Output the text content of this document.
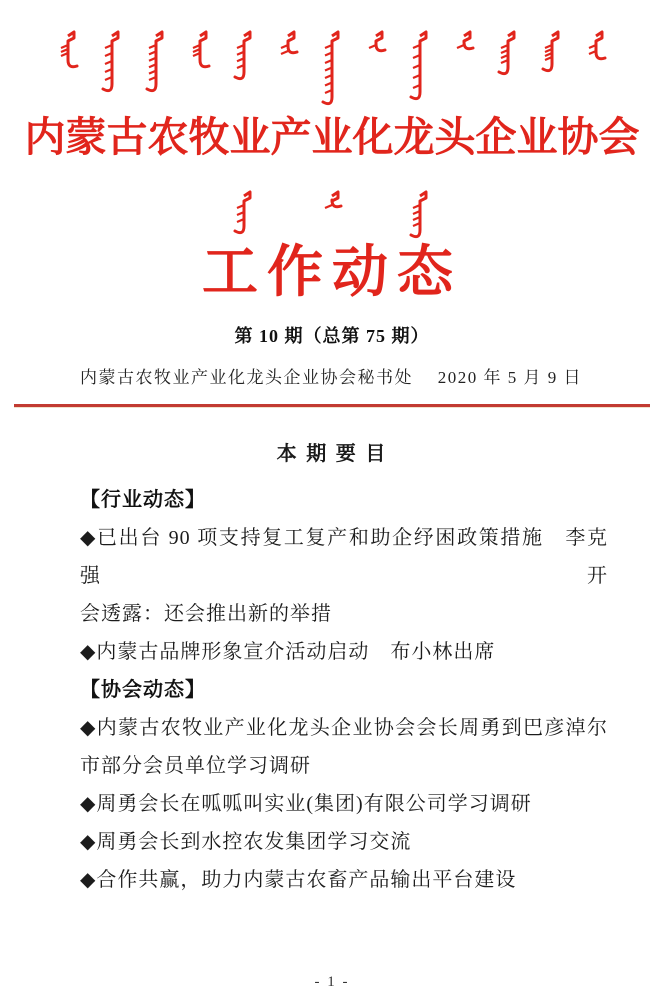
内蒙古农牧业产业化龙头企业协会
工作动态
第 10 期（总第 75 期）
内蒙古农牧业产业化龙头企业协会秘书处 2020 年 5 月 9 日
本 期 要 目
【行业动态】
◆已出台 90 项支持复工复产和助企纾困政策措施　李克强开
会透露：还会推出新的举措
◆内蒙古品牌形象宣介活动启动　布小林出席
【协会动态】
◆内蒙古农牧业产业化龙头企业协会会长周勇到巴彦淖尔
市部分会员单位学习调研
◆周勇会长在呱呱叫实业(集团)有限公司学习调研
◆周勇会长到水控农发集团学习交流
◆合作共赢，助力内蒙古农畜产品输出平台建设
- 1 -
